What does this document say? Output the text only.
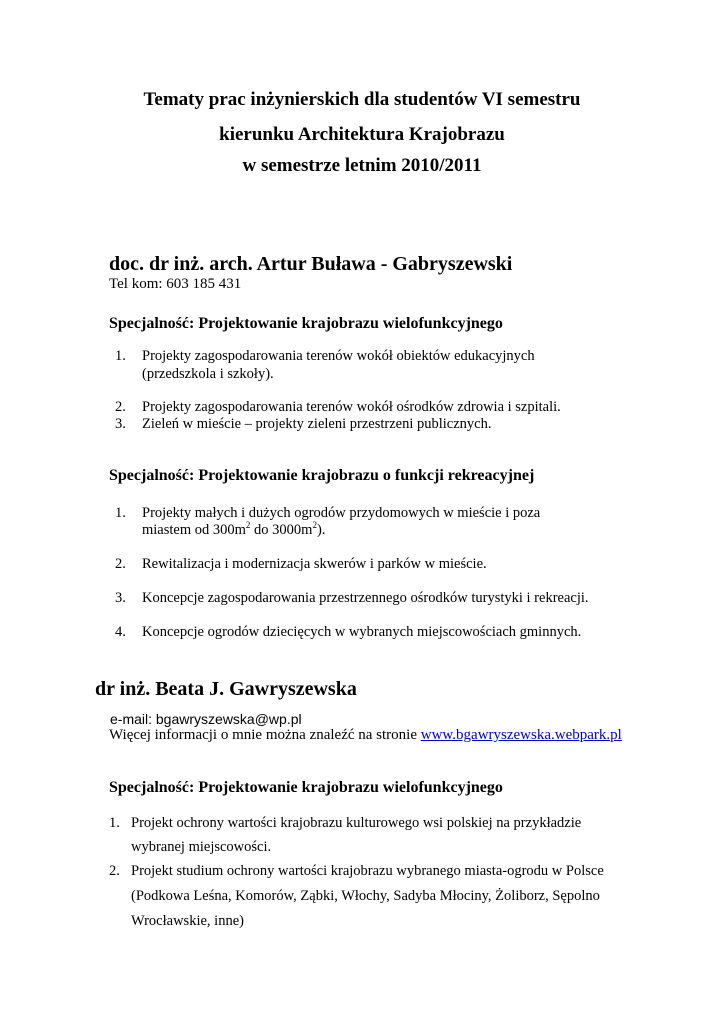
Tematy prac inżynierskich dla studentów VI semestru
kierunku Architektura Krajobrazu
w semestrze letnim 2010/2011
doc. dr inż. arch. Artur Buława - Gabryszewski
Tel kom: 603 185 431
Specjalność: Projektowanie krajobrazu wielofunkcyjnego
1. Projekty zagospodarowania terenów wokół obiektów edukacyjnych
(przedszkola i szkoły).
2. Projekty zagospodarowania terenów wokół ośrodków zdrowia i szpitali.
3. Zieleń w mieście – projekty zieleni przestrzeni publicznych.
Specjalność: Projektowanie krajobrazu o funkcji rekreacyjnej
1. Projekty małych i dużych ogrodów przydomowych w mieście i poza
miastem od $300m^2$ do $3000m^2$).
2. Rewitalizacja i modernizacja skwerów i parków w mieście.
3. Koncepcje zagospodarowania przestrzennego ośrodków turystyki i rekreacji.
4. Koncepcje ogrodów dziecięcych w wybranych miejscowościach gminnych.
dr inż. Beata J. Gawryszewska
e-mail: bgawryszewska@wp.pl
Więcej informacji o mnie można znaleźć na stronie www.bgawryszewska.webpark.pl
Specjalność: Projektowanie krajobrazu wielofunkcyjnego
1. Projekt ochrony wartości krajobrazu kulturowego wsi polskiej na przykładzie
wybranej miejscowości.
2. Projekt studium ochrony wartości krajobrazu wybranego miasta-ogrodu w Polsce
(Podkowa Leśna, Komorów, Ząbki, Włochy, Sadyba Młociny, Żoliborz, Sępolno
Wrocławskie, inne)
